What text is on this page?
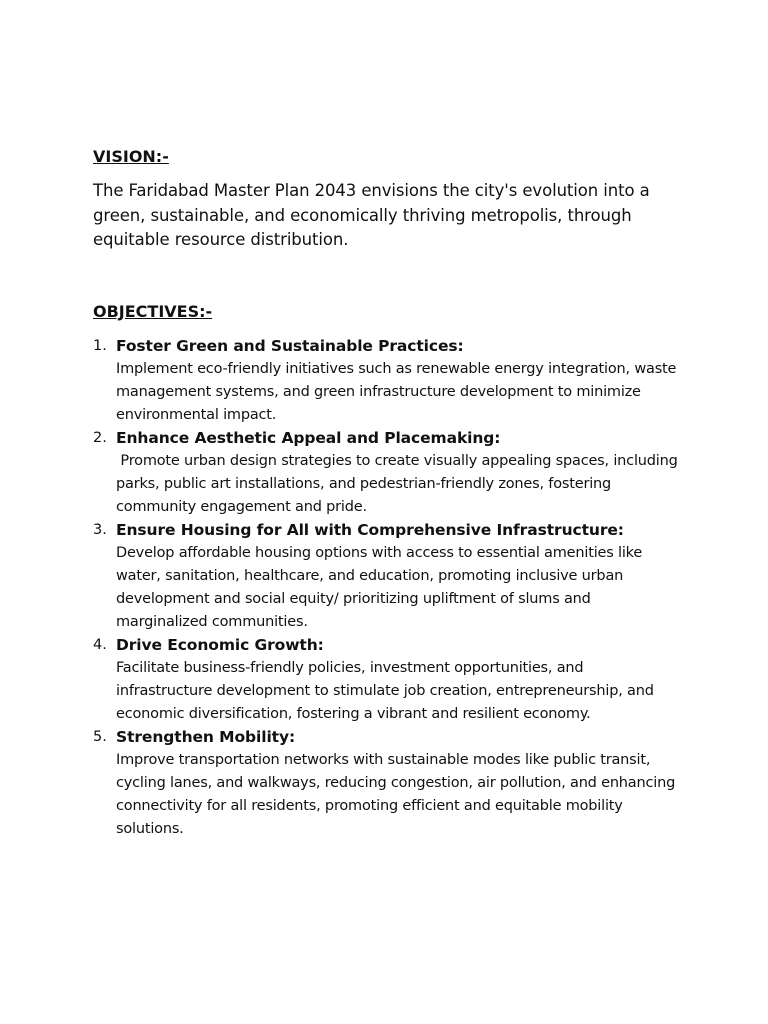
VISION:-

The Faridabad Master Plan 2043 envisions the city's evolution into a green, sustainable, and economically thriving metropolis, through equitable resource distribution.

OBJECTIVES:-

1. Foster Green and Sustainable Practices:
Implement eco-friendly initiatives such as renewable energy integration, waste management systems, and green infrastructure development to minimize environmental impact.
2. Enhance Aesthetic Appeal and Placemaking:
Promote urban design strategies to create visually appealing spaces, including parks, public art installations, and pedestrian-friendly zones, fostering community engagement and pride.
3. Ensure Housing for All with Comprehensive Infrastructure:
Develop affordable housing options with access to essential amenities like water, sanitation, healthcare, and education, promoting inclusive urban development and social equity/ prioritizing upliftment of slums and marginalized communities.
4. Drive Economic Growth:
Facilitate business-friendly policies, investment opportunities, and infrastructure development to stimulate job creation, entrepreneurship, and economic diversification, fostering a vibrant and resilient economy.
5. Strengthen Mobility:
Improve transportation networks with sustainable modes like public transit, cycling lanes, and walkways, reducing congestion, air pollution, and enhancing connectivity for all residents, promoting efficient and equitable mobility solutions.
